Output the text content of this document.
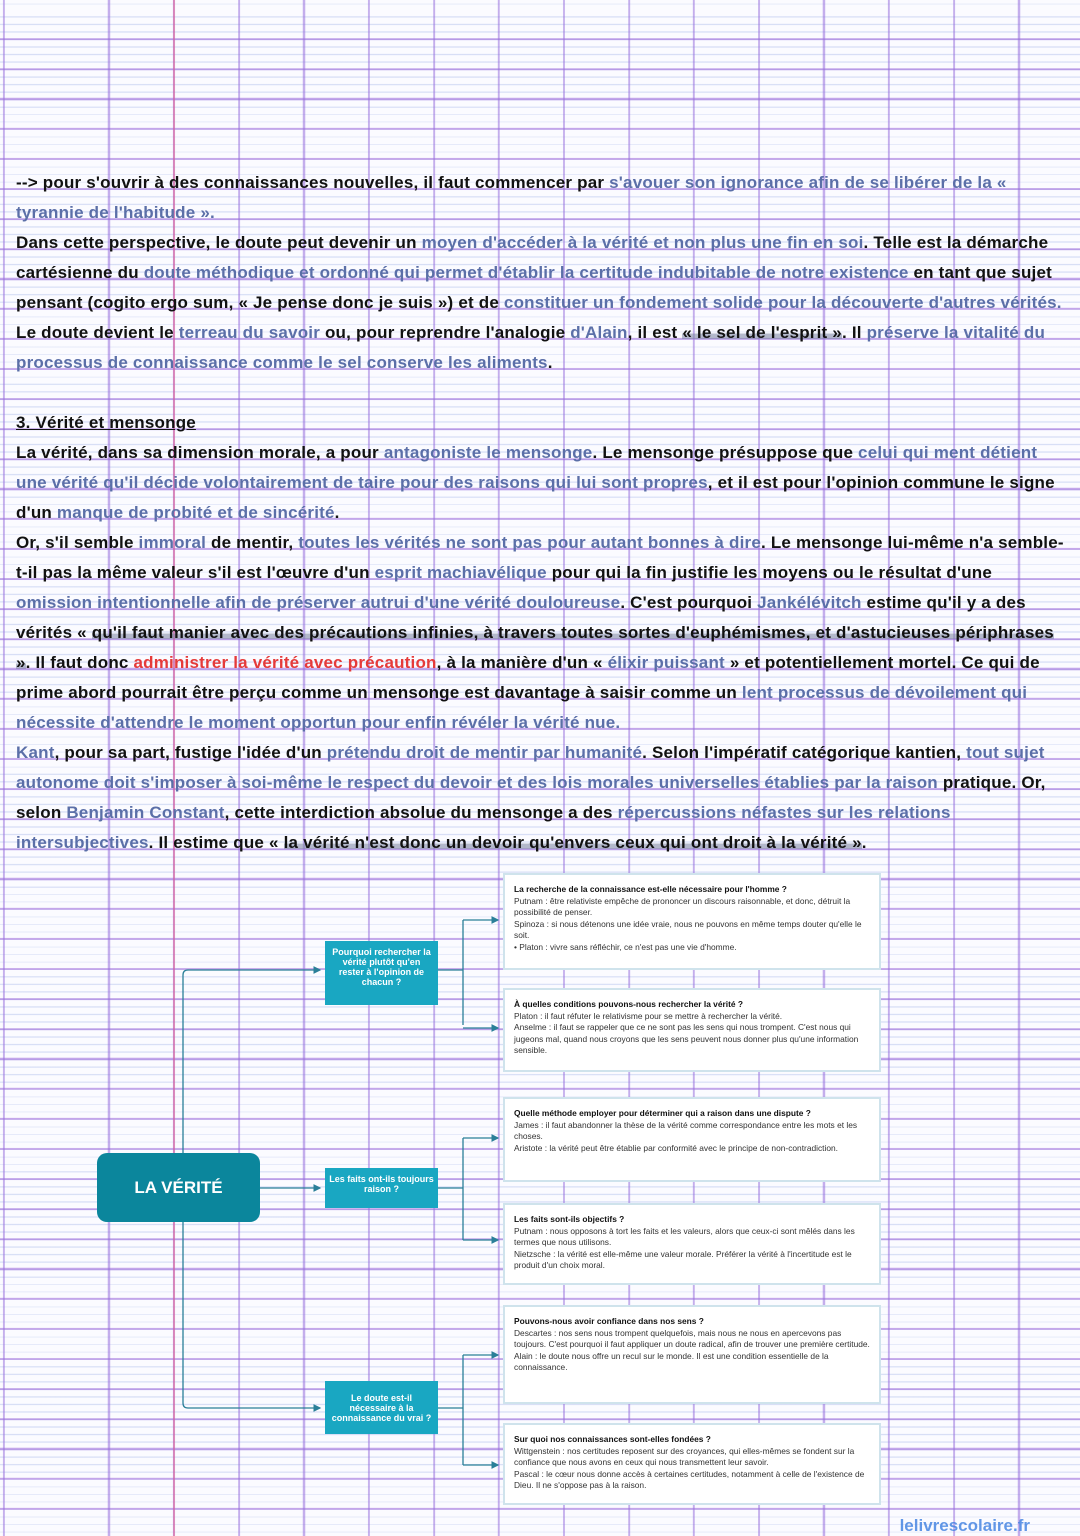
--> pour s'ouvrir à des connaissances nouvelles, il faut commencer par s'avouer son ignorance afin de se libérer de la « tyrannie de l'habitude ».

Dans cette perspective, le doute peut devenir un moyen d'accéder à la vérité et non plus une fin en soi. Telle est la démarche cartésienne du doute méthodique et ordonné qui permet d'établir la certitude indubitable de notre existence en tant que sujet pensant (cogito ergo sum, « Je pense donc je suis ») et de constituer un fondement solide pour la découverte d'autres vérités. Le doute devient le terreau du savoir ou, pour reprendre l'analogie d'Alain, il est « le sel de l'esprit ». Il préserve la vitalité du processus de connaissance comme le sel conserve les aliments.

3. Vérité et mensonge

La vérité, dans sa dimension morale, a pour antagoniste le mensonge. Le mensonge présuppose que celui qui ment détient une vérité qu'il décide volontairement de taire pour des raisons qui lui sont propres, et il est pour l'opinion commune le signe d'un manque de probité et de sincérité.

Or, s'il semble immoral de mentir, toutes les vérités ne sont pas pour autant bonnes à dire. Le mensonge lui-même n'a semble-t-il pas la même valeur s'il est l'œuvre d'un esprit machiavélique pour qui la fin justifie les moyens ou le résultat d'une omission intentionnelle afin de préserver autrui d'une vérité douloureuse. C'est pourquoi Jankélévitch estime qu'il y a des vérités « qu'il faut manier avec des précautions infinies, à travers toutes sortes d'euphémismes, et d'astucieuses périphrases ». Il faut donc administrer la vérité avec précaution, à la manière d'un « élixir puissant » et potentiellement mortel. Ce qui de prime abord pourrait être perçu comme un mensonge est davantage à saisir comme un lent processus de dévoilement qui nécessite d'attendre le moment opportun pour enfin révéler la vérité nue.

Kant, pour sa part, fustige l'idée d'un prétendu droit de mentir par humanité. Selon l'impératif catégorique kantien, tout sujet autonome doit s'imposer à soi-même le respect du devoir et des lois morales universelles établies par la raison pratique. Or, selon Benjamin Constant, cette interdiction absolue du mensonge a des répercussions néfastes sur les relations intersubjectives. Il estime que « la vérité n'est donc un devoir qu'envers ceux qui ont droit à la vérité ».

LA VÉRITÉ
Pourquoi rechercher la vérité plutôt qu'en rester à l'opinion de chacun ?
Les faits ont-ils toujours raison ?
Le doute est-il nécessaire à la connaissance du vrai ?
La recherche de la connaissance est-elle nécessaire pour l'homme ?
Putnam : être relativiste empêche de prononcer un discours raisonnable, et donc, détruit la possibilité de penser.
Spinoza : si nous détenons une idée vraie, nous ne pouvons en même temps douter qu'elle le soit.
• Platon : vivre sans réfléchir, ce n'est pas une vie d'homme.
À quelles conditions pouvons-nous rechercher la vérité ?
Platon : il faut réfuter le relativisme pour se mettre à rechercher la vérité.
Anselme : il faut se rappeler que ce ne sont pas les sens qui nous trompent. C'est nous qui jugeons mal, quand nous croyons que les sens peuvent nous donner plus qu'une information sensible.
Quelle méthode employer pour déterminer qui a raison dans une dispute ?
James : il faut abandonner la thèse de la vérité comme correspondance entre les mots et les choses.
Aristote : la vérité peut être établie par conformité avec le principe de non-contradiction.
Les faits sont-ils objectifs ?
Putnam : nous opposons à tort les faits et les valeurs, alors que ceux-ci sont mêlés dans les termes que nous utilisons.
Nietzsche : la vérité est elle-même une valeur morale. Préférer la vérité à l'incertitude est le produit d'un choix moral.
Pouvons-nous avoir confiance dans nos sens ?
Descartes : nos sens nous trompent quelquefois, mais nous ne nous en apercevons pas toujours. C'est pourquoi il faut appliquer un doute radical, afin de trouver une première certitude.
Alain : le doute nous offre un recul sur le monde. Il est une condition essentielle de la connaissance.
Sur quoi nos connaissances sont-elles fondées ?
Wittgenstein : nos certitudes reposent sur des croyances, qui elles-mêmes se fondent sur la confiance que nous avons en ceux qui nous transmettent leur savoir.
Pascal : le cœur nous donne accès à certaines certitudes, notamment à celle de l'existence de Dieu. Il ne s'oppose pas à la raison.
lelivrescolaire.fr
